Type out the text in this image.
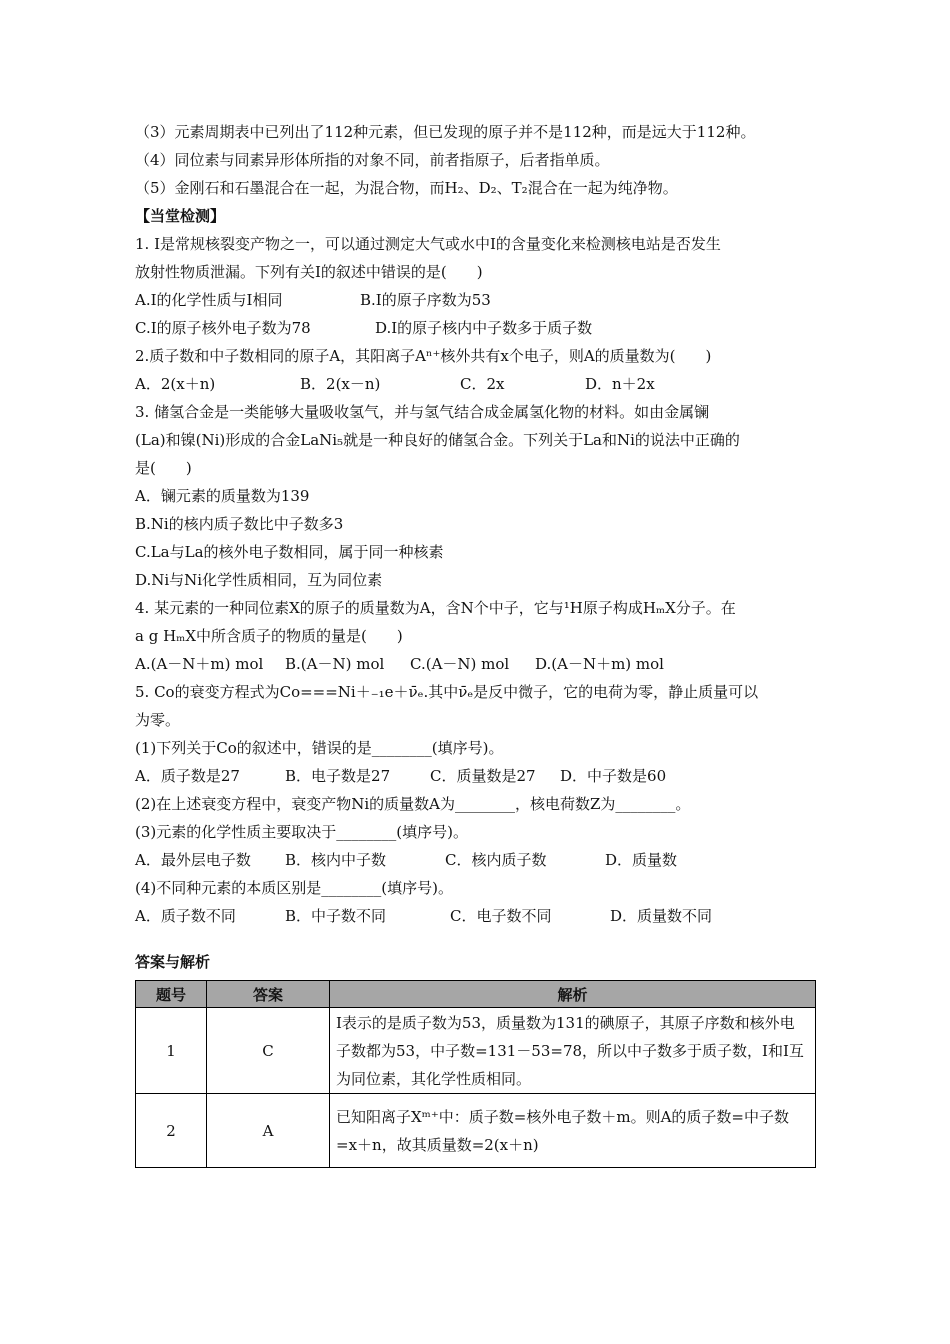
（3）元素周期表中已列出了112种元素，但已发现的原子并不是112种，而是远大于112种。
（4）同位素与同素异形体所指的对象不同，前者指原子，后者指单质。
（5）金刚石和石墨混合在一起，为混合物，而H₂、D₂、T₂混合在一起为纯净物。
【当堂检测】
1. I是常规核裂变产物之一，可以通过测定大气或水中I的含量变化来检测核电站是否发生
放射性物质泄漏。下列有关I的叙述中错误的是(　　)
A.I的化学性质与I相同	B.I的原子序数为53
C.I的原子核外电子数为78	D.I的原子核内中子数多于质子数
2.质子数和中子数相同的原子A，其阳离子Aⁿ⁺核外共有x个电子，则A的质量数为(　　)
A．2(x＋n)	B．2(x－n)	C．2x	D．n＋2x
3. 储氢合金是一类能够大量吸收氢气，并与氢气结合成金属氢化物的材料。如由金属镧
(La)和镍(Ni)形成的合金LaNi₅就是一种良好的储氢合金。下列关于La和Ni的说法中正确的
是(　　)
A．镧元素的质量数为139
B.Ni的核内质子数比中子数多3
C.La与La的核外电子数相同，属于同一种核素
D.Ni与Ni化学性质相同，互为同位素
4. 某元素的一种同位素X的原子的质量数为A，含N个中子，它与¹H原子构成HₘX分子。在
a g HₘX中所含质子的物质的量是(　　)
A.(A－N＋m) mol	B.(A－N) mol	C.(A－N) mol	D.(A－N＋m) mol
5. Co的衰变方程式为Co===Ni＋₋₁e＋ν̄ₑ.其中ν̄ₑ是反中微子，它的电荷为零，静止质量可以
为零。
(1)下列关于Co的叙述中，错误的是________(填序号)。
A．质子数是27	B．电子数是27	C．质量数是27	D．中子数是60
(2)在上述衰变方程中，衰变产物Ni的质量数A为________，核电荷数Z为________。
(3)元素的化学性质主要取决于________(填序号)。
A．最外层电子数	B．核内中子数	C．核内质子数	D．质量数
(4)不同种元素的本质区别是________(填序号)。
A．质子数不同	B．中子数不同	C．电子数不同	D．质量数不同
答案与解析
题号	答案	解析
1	C	I表示的是质子数为53，质量数为131的碘原子，其原子序数和核外电子数都为53，中子数=131－53=78，所以中子数多于质子数，I和I互为同位素，其化学性质相同。
2	A	已知阳离子Xᵐ⁺中：质子数=核外电子数＋m。则A的质子数=中子数=x＋n，故其质量数=2(x＋n)
